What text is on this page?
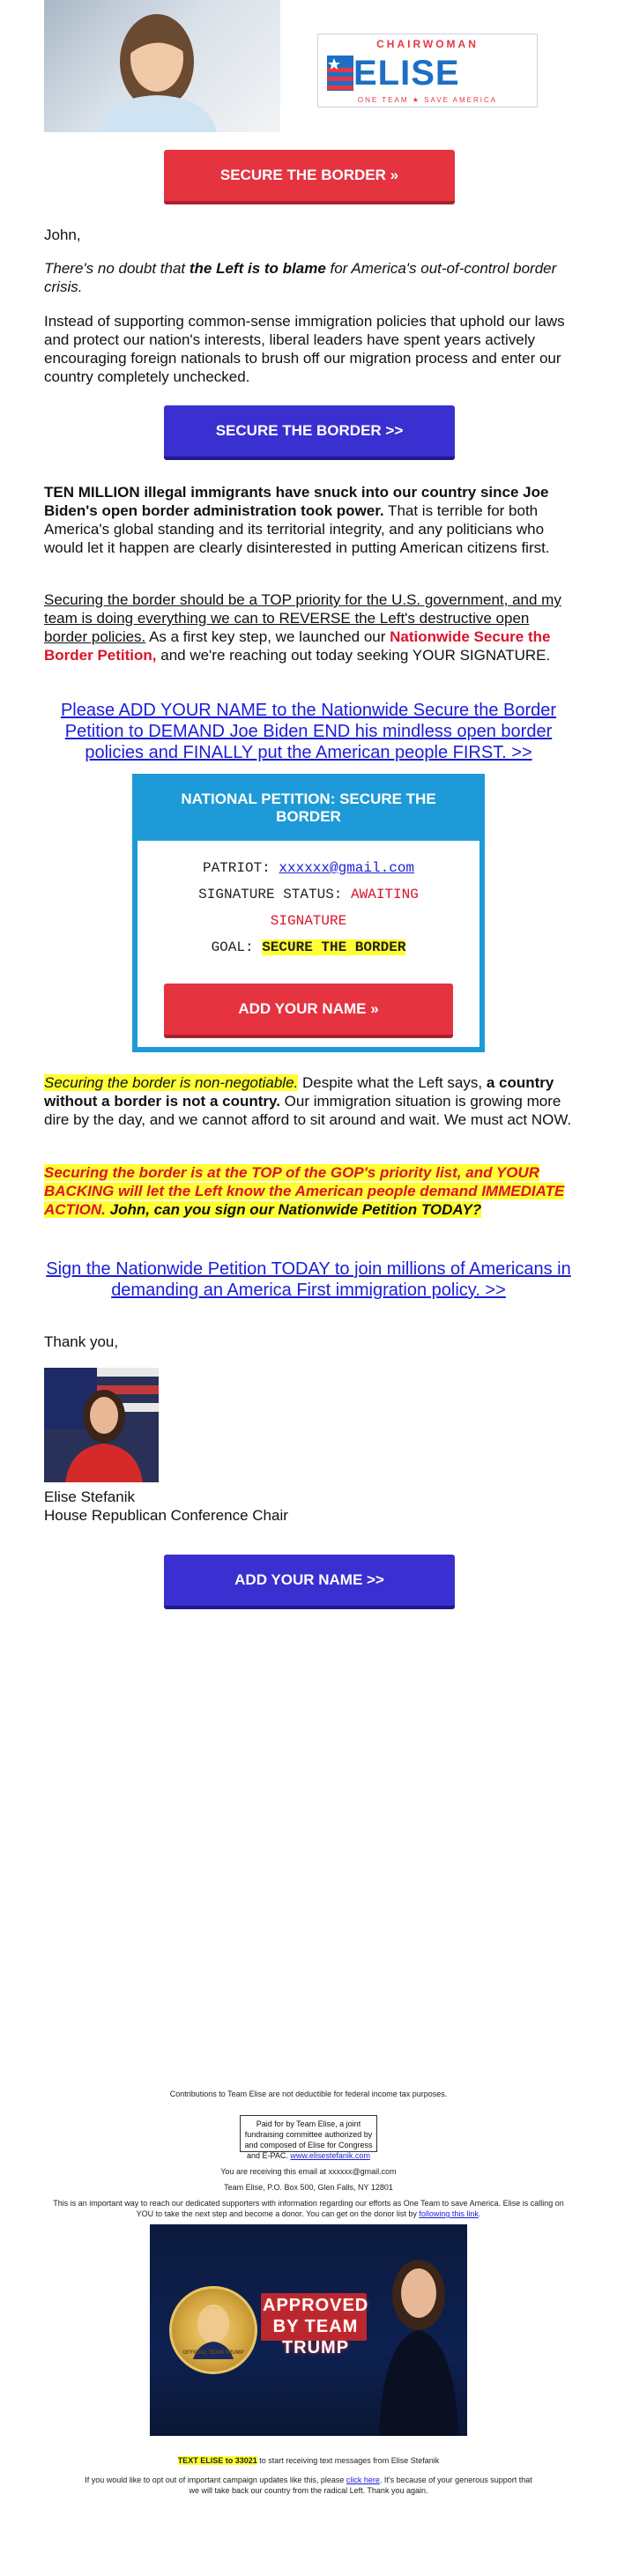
CHAIRWOMAN
ELISE
ONE TEAM ★ SAVE AMERICA
SECURE THE BORDER »
John,
There's no doubt that the Left is to blame for America's out-of-control border crisis.
Instead of supporting common-sense immigration policies that uphold our laws and protect our nation's interests, liberal leaders have spent years actively encouraging foreign nationals to brush off our migration process and enter our country completely unchecked.
SECURE THE BORDER >>
TEN MILLION illegal immigrants have snuck into our country since Joe Biden's open border administration took power. That is terrible for both America's global standing and its territorial integrity, and any politicians who would let it happen are clearly disinterested in putting American citizens first.
Securing the border should be a TOP priority for the U.S. government, and my team is doing everything we can to REVERSE the Left's destructive open border policies. As a first key step, we launched our Nationwide Secure the Border Petition, and we're reaching out today seeking YOUR SIGNATURE.
Please ADD YOUR NAME to the Nationwide Secure the Border Petition to DEMAND Joe Biden END his mindless open border policies and FINALLY put the American people FIRST. >>
NATIONAL PETITION: SECURE THE BORDER
PATRIOT: xxxxxx@gmail.com
SIGNATURE STATUS: AWAITING SIGNATURE
GOAL: SECURE THE BORDER
ADD YOUR NAME »
Securing the border is non-negotiable. Despite what the Left says, a country without a border is not a country. Our immigration situation is growing more dire by the day, and we cannot afford to sit around and wait. We must act NOW.
Securing the border is at the TOP of the GOP's priority list, and YOUR BACKING will let the Left know the American people demand IMMEDIATE ACTION. John, can you sign our Nationwide Petition TODAY?
Sign the Nationwide Petition TODAY to join millions of Americans in demanding an America First immigration policy. >>
Thank you,
Elise Stefanik
House Republican Conference Chair
ADD YOUR NAME >>
Contributions to Team Elise are not deductible for federal income tax purposes.
Paid for by Team Elise, a joint fundraising committee authorized by and composed of Elise for Congress and E-PAC. www.elisestefanik.com
You are receiving this email at xxxxxx@gmail.com
Team Elise, P.O. Box 500, Glen Falls, NY 12801
This is an important way to reach our dedicated supporters with information regarding our efforts as One Team to save America. Elise is calling on YOU to take the next step and become a donor. You can get on the donor list by following this link.
OFFICIAL TEAM TRUMP
APPROVED BY TEAM TRUMP
TEXT ELISE to 33021 to start receiving text messages from Elise Stefanik
If you would like to opt out of important campaign updates like this, please click here. It's because of your generous support that we will take back our country from the radical Left. Thank you again.
